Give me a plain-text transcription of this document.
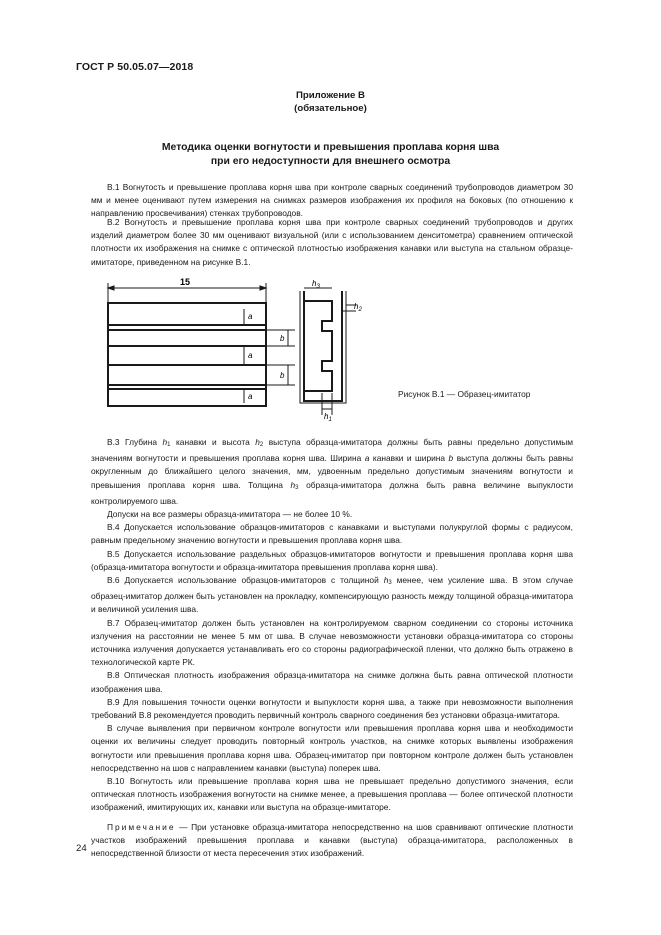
ГОСТ Р 50.05.07—2018
Приложение В
(обязательное)
Методика оценки вогнутости и превышения проплава корня шва
при его недоступности для внешнего осмотра

В.1 Вогнутость и превышение проплава корня шва при контроле сварных соединений трубопроводов диаметром 30 мм и менее оценивают путем измерения на снимках размеров изображения их профиля на боковых (по отношению к направлению просвечивания) стенках трубопроводов.

В.2 Вогнутость и превышение проплава корня шва при контроле сварных соединений трубопроводов и других изделий диаметром более 30 мм оценивают визуальной (или с использованием денситометра) сравнением оптической плотности их изображения на снимке с оптической плотностью изображения канавки или выступа на стальном образце-имитаторе, приведенном на рисунке В.1.

15
a
a
a
b
b
$h_3$
$h_2$
$h_1$
Рисунок В.1 — Образец-имитатор

В.3 Глубина $h_1$ канавки и высота $h_2$ выступа образца-имитатора должны быть равны предельно допустимым значениям вогнутости и превышения проплава корня шва. Ширина a канавки и ширина b выступа должны быть равны округленным до ближайшего целого значения, мм, удвоенным предельно допустимым значениям вогнутости и превышения проплава корня шва. Толщина $h_3$ образца-имитатора должна быть равна величине выпуклости контролируемого шва.

Допуски на все размеры образца-имитатора — не более 10 %.

В.4 Допускается использование образцов-имитаторов с канавками и выступами полукруглой формы с радиусом, равным предельному значению вогнутости и превышения проплава корня шва.

В.5 Допускается использование раздельных образцов-имитаторов вогнутости и превышения проплава корня шва (образца-имитатора вогнутости и образца-имитатора превышения проплава корня шва).

В.6 Допускается использование образцов-имитаторов с толщиной $h_3$ менее, чем усиление шва. В этом случае образец-имитатор должен быть установлен на прокладку, компенсирующую разность между толщиной образца-имитатора и величиной усиления шва.

В.7 Образец-имитатор должен быть установлен на контролируемом сварном соединении со стороны источника излучения на расстоянии не менее 5 мм от шва. В случае невозможности установки образца-имитатора со стороны источника излучения допускается устанавливать его со стороны радиографической пленки, что должно быть отражено в технологической карте РК.

В.8 Оптическая плотность изображения образца-имитатора на снимке должна быть равна оптической плотности изображения шва.

В.9 Для повышения точности оценки вогнутости и выпуклости корня шва, а также при невозможности выполнения требований В.8 рекомендуется проводить первичный контроль сварного соединения без установки образца-имитатора.

В случае выявления при первичном контроле вогнутости или превышения проплава корня шва и необходимости оценки их величины следует проводить повторный контроль участков, на снимке которых выявлены изображения вогнутости или превышения проплава корня шва. Образец-имитатор при повторном контроле должен быть установлен непосредственно на шов с направлением канавки (выступа) поперек шва.

В.10 Вогнутость или превышение проплава корня шва не превышает предельно допустимого значения, если оптическая плотность изображения вогнутости на снимке менее, а превышения проплава — более оптической плотности изображений, имитирующих их, канавки или выступа на образце-имитаторе.

Примечание — При установке образца-имитатора непосредственно на шов сравнивают оптические плотности участков изображений превышения проплава и канавки (выступа) образца-имитатора, расположенных в непосредственной близости от места пересечения этих изображений.

24
